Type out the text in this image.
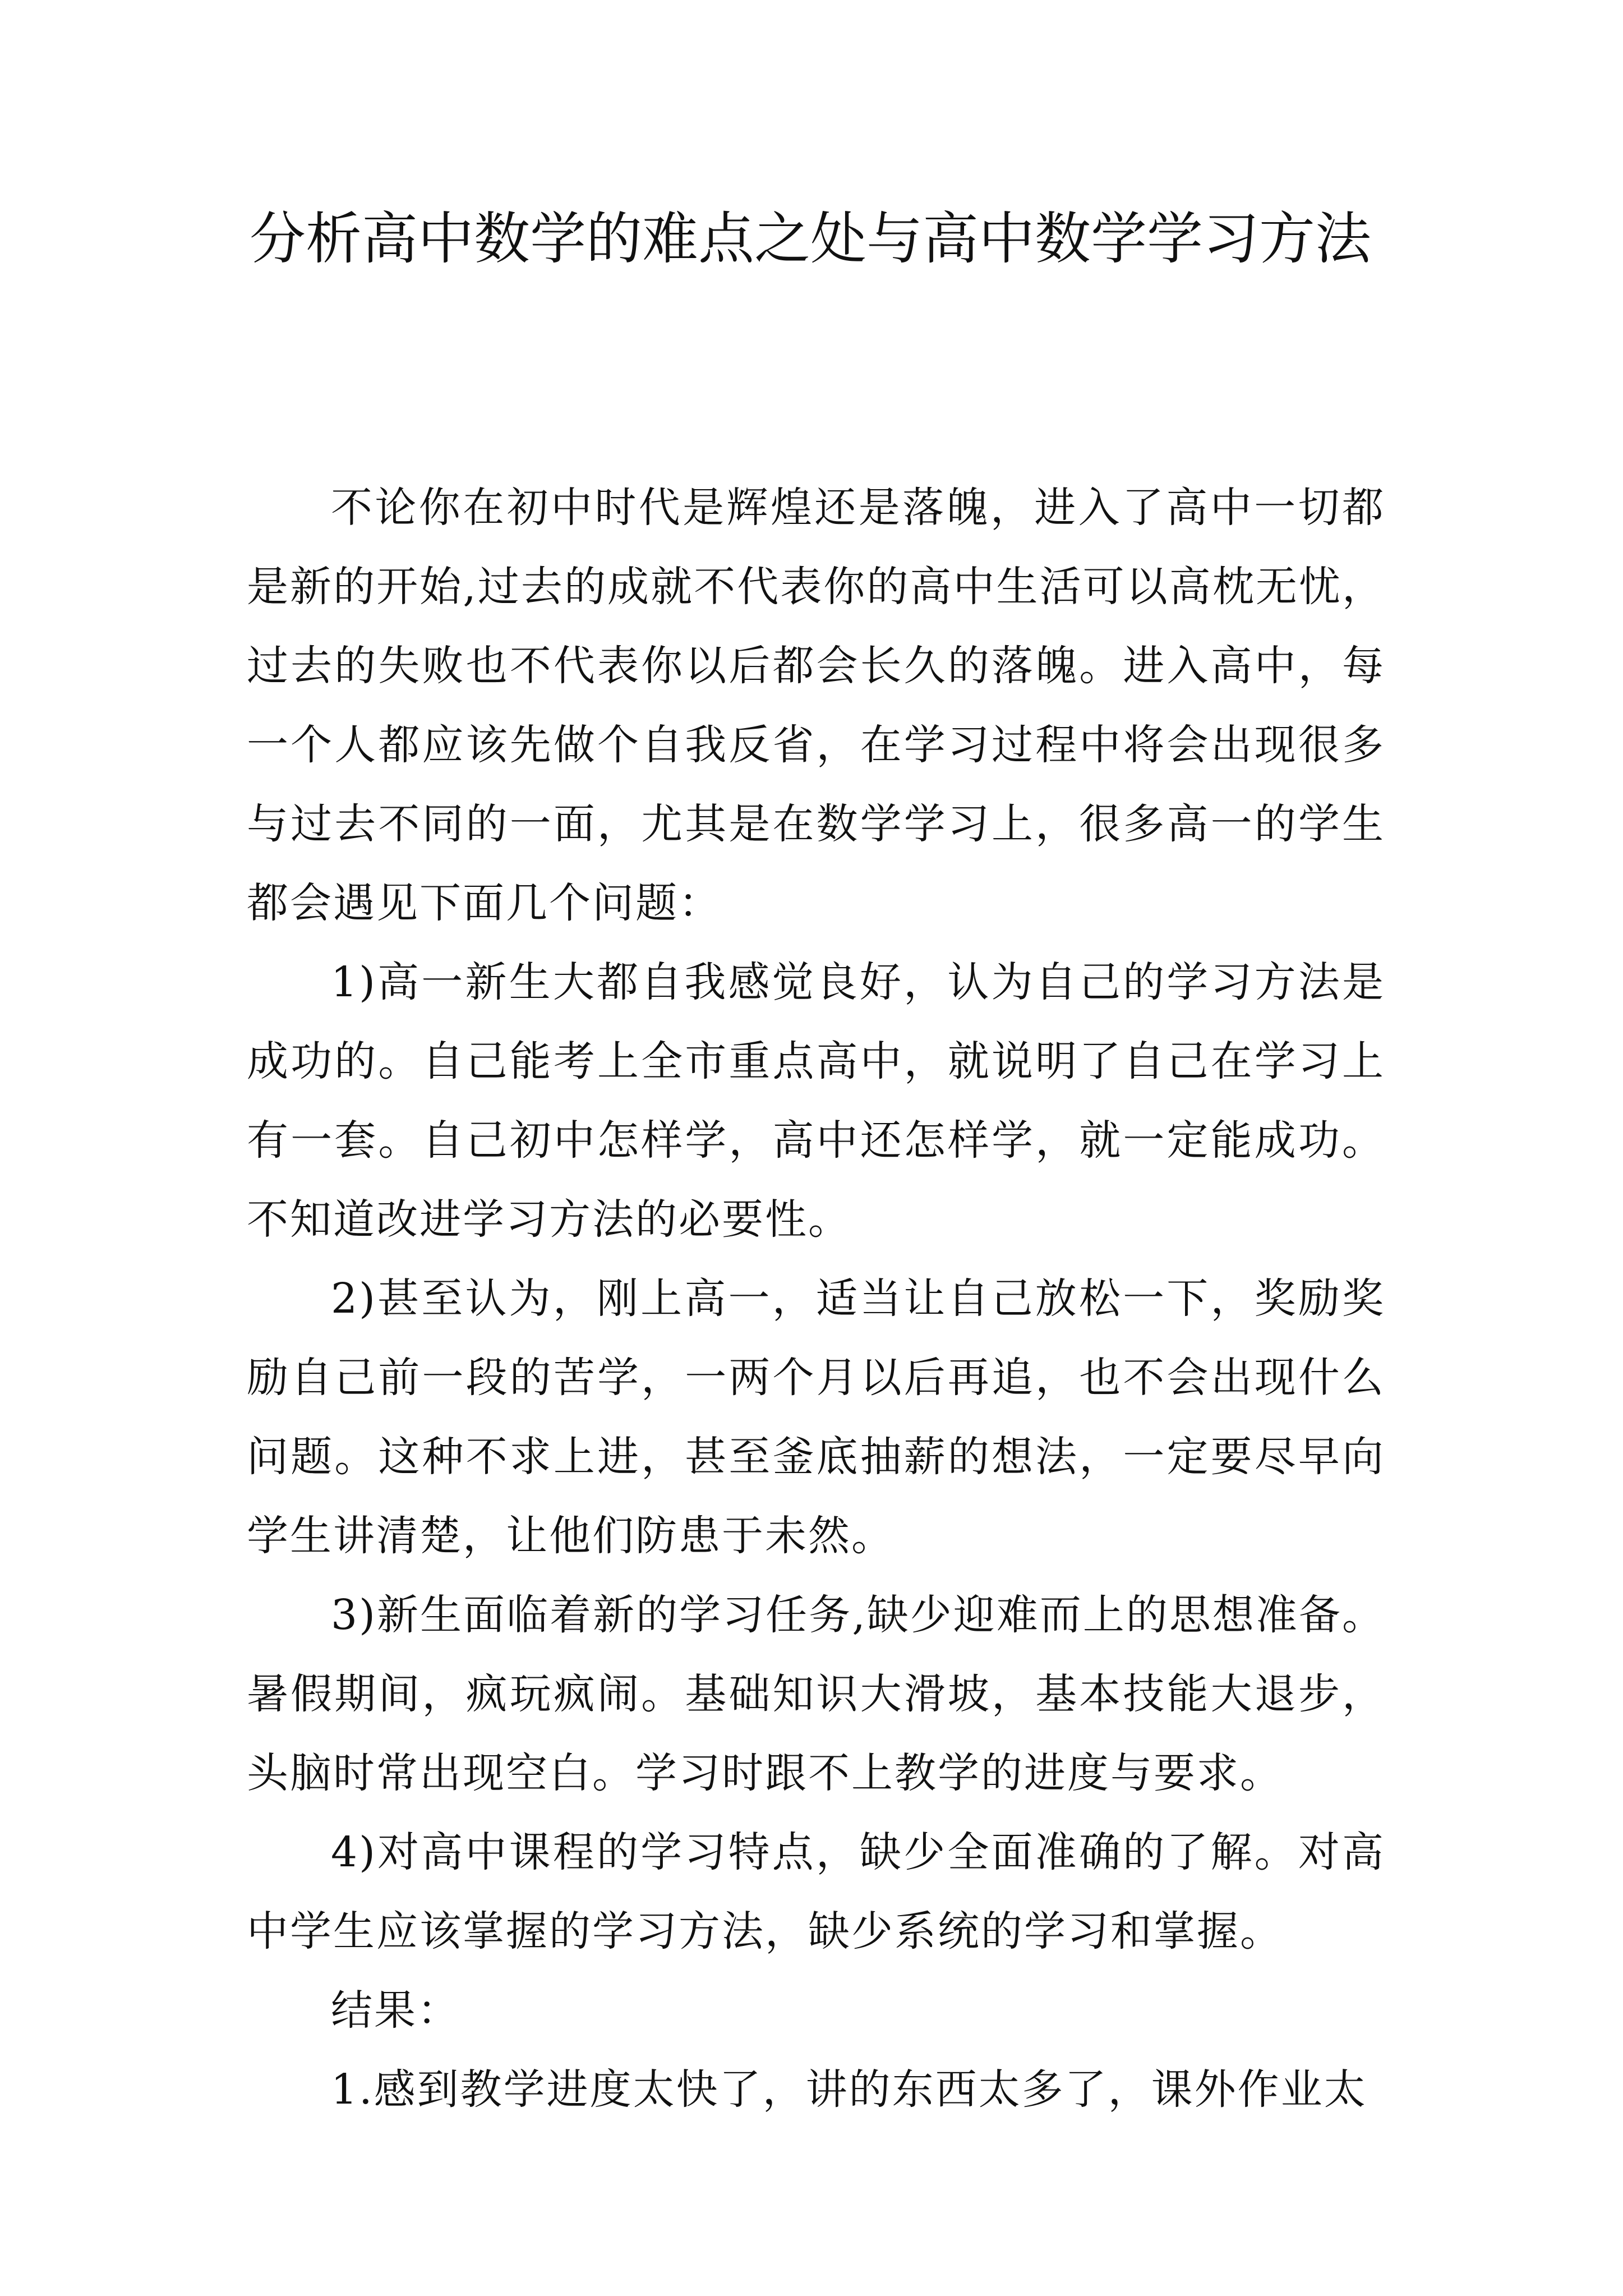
分析高中数学的难点之处与高中数学学习方法

不论你在初中时代是辉煌还是落魄，进入了高中一切都是新的开始,过去的成就不代表你的高中生活可以高枕无忧，过去的失败也不代表你以后都会长久的落魄。进入高中，每一个人都应该先做个自我反省，在学习过程中将会出现很多与过去不同的一面，尤其是在数学学习上，很多高一的学生都会遇见下面几个问题：

1)高一新生大都自我感觉良好，认为自己的学习方法是成功的。自己能考上全市重点高中，就说明了自己在学习上有一套。自己初中怎样学，高中还怎样学，就一定能成功。不知道改进学习方法的必要性。

2)甚至认为，刚上高一，适当让自己放松一下，奖励奖励自己前一段的苦学，一两个月以后再追，也不会出现什么问题。这种不求上进，甚至釜底抽薪的想法，一定要尽早向学生讲清楚，让他们防患于未然。

3)新生面临着新的学习任务,缺少迎难而上的思想准备。暑假期间，疯玩疯闹。基础知识大滑坡，基本技能大退步，头脑时常出现空白。学习时跟不上教学的进度与要求。

4)对高中课程的学习特点，缺少全面准确的了解。对高中学生应该掌握的学习方法，缺少系统的学习和掌握。

结果：

1.感到教学进度太快了，讲的东西太多了，课外作业太
